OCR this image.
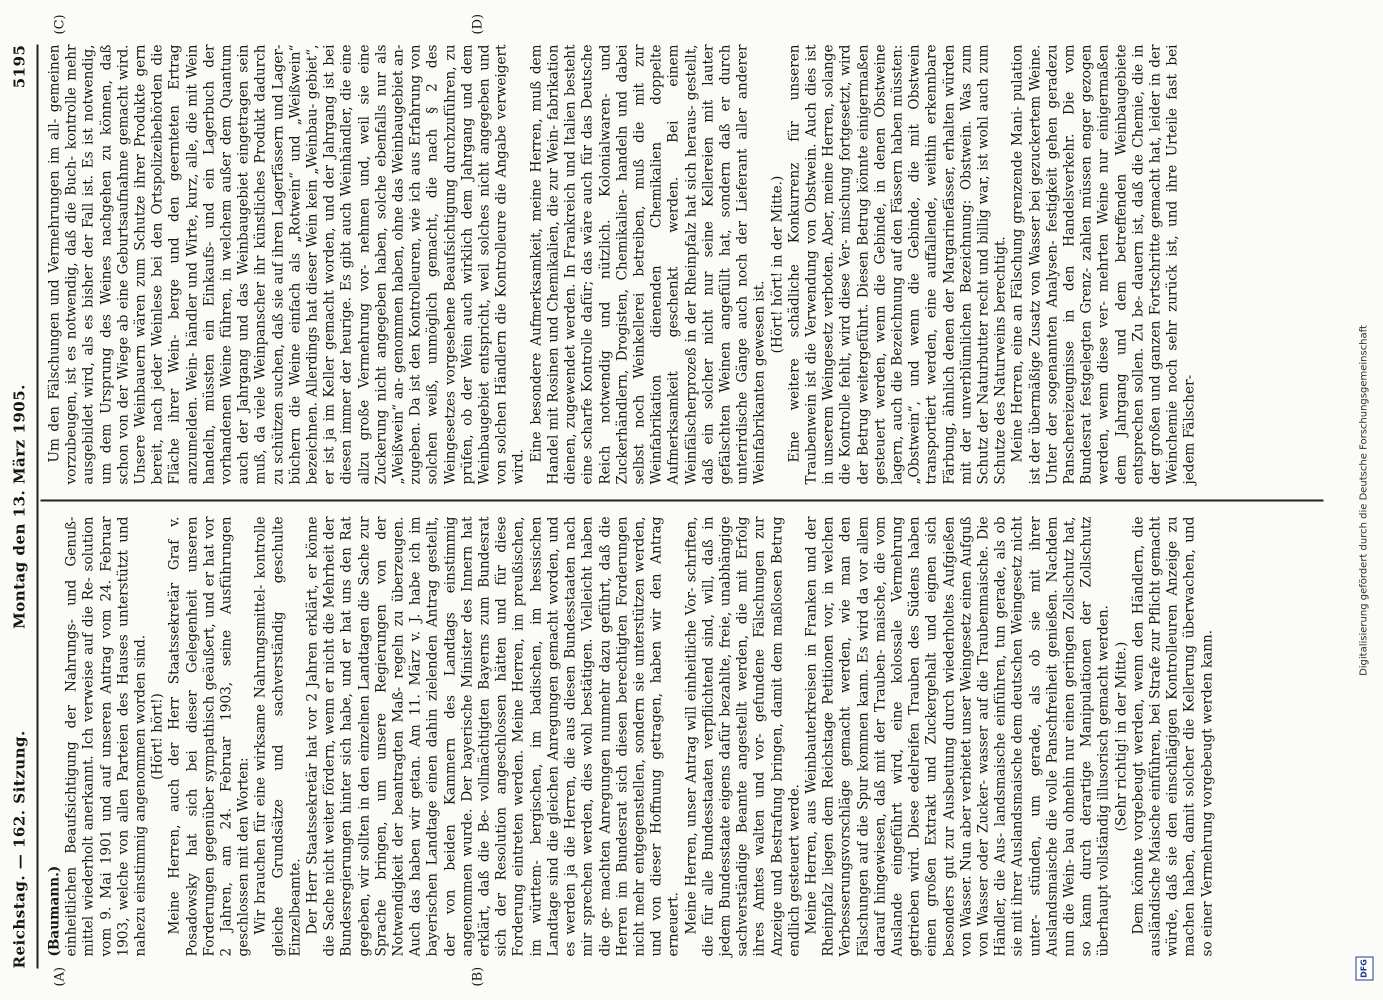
Reichstag. — 162. Sitzung.
Montag den 13. März 1905.
5195
(A)	(B)
(C)	(D)

(Baumann.) einheitlichen Beaufsichtigung der Nahrungs- und Genuß- mittel wiederholt anerkannt. Ich verweise auf die Re- solution vom 9. Mai 1901 und auf unseren Antrag vom 24. Februar 1903, welche von allen Parteien des Hauses unterstützt und nahezu einstimmig angenommen worden sind. (Hört! hört!) Meine Herren, auch der Herr Staatssekretär Graf v. Posadowsky hat sich bei dieser Gelegenheit unseren Forderungen gegenüber sympathisch geäußert, und er hat vor 2 Jahren, am 24. Februar 1903, seine Ausführungen geschlossen mit den Worten: Wir brauchen für eine wirksame Nahrungsmittel- kontrolle gleiche Grundsätze und sachverständig geschulte Einzelbeamte. Der Herr Staatssekretär hat vor 2 Jahren erklärt, er könne die Sache nicht weiter fördern, wenn er nicht die Mehrheit der Bundesregierungen hinter sich habe, und er hat uns den Rat gegeben, wir sollten in den einzelnen Landtagen die Sache zur Sprache bringen, um unsere Regierungen von der Notwendigkeit der beantragten Maß- regeln zu überzeugen. Auch das haben wir getan. Am 11. März v. J. habe ich im bayerischen Landtage einen dahin zielenden Antrag gestellt, der von beiden Kammern des Landtags einstimmig angenommen wurde. Der bayerische Minister des Innern hat erklärt, daß die Be- vollmächtigten Bayerns zum Bundesrat sich der Resolution angeschlossen hätten und für diese Forderung eintreten werden. Meine Herren, im preußischen, im württem- bergischen, im badischen, im hessischen Landtage sind die gleichen Anregungen gemacht worden, und es werden ja die Herren, die aus diesen Bundesstaaten nach mir sprechen werden, dies wohl bestätigen. Vielleicht haben die ge- machten Anregungen nunmehr dazu geführt, daß die Herren im Bundesrat sich diesen berechtigten Forderungen nicht mehr entgegenstellen, sondern sie unterstützen werden, und von dieser Hoffnung getragen, haben wir den Antrag erneuert. Meine Herren, unser Antrag will einheitliche Vor- schriften, die für alle Bundesstaaten verpflichtend sind, will, daß in jedem Bundesstaate eigens dafür bezahlte, freie, unabhängige sachverständige Beamte angestellt werden, die mit Erfolg ihres Amtes walten und vor- gefundene Fälschungen zur Anzeige und Bestrafung bringen, damit dem maßlosen Betrug endlich gesteuert werde. Meine Herren, aus Weinbauterkreisen in Franken und der Rheinpfalz liegen dem Reichstage Petitionen vor, in welchen Verbesserungsvorschläge gemacht werden, wie man den Fälschungen auf die Spur kommen kann. Es wird da vor allem darauf hingewiesen, daß mit der Trauben- maische, die vom Auslande eingeführt wird, eine kolossale Vermehrung getrieben wird. Diese edelreifen Trauben des Südens haben einen großen Extrakt und Zuckergehalt und eignen sich besonders gut zur Ausbeutung durch wiederholtes Aufgießen von Wasser. Nun aber verbietet unser Weingesetz einen Aufguß von Wasser oder Zucker- wasser auf die Traubenmaische. Die Händler, die Aus- landsmaische einführen, tun gerade, als ob sie mit ihrer Auslandsmaische dem deutschen Weingesetz nicht unter- stünden, um gerade, als ob sie mit ihrer Auslandsmaische die volle Panschfreiheit genießen. Nachdem nun die Wein- bau ohnehin nur einen geringen Zollschutz hat, so kann durch derartige Manipulationen der Zollschutz überhaupt vollständig illusorisch gemacht werden. (Sehr richtig! in der Mitte.) Dem könnte vorgebeugt werden, wenn den Händlern, die ausländische Maische einführen, bei Strafe zur Pflicht gemacht würde, daß sie den einschlägigen Kontrolleuren Anzeige zu machen haben, damit solcher die Kellerung überwachen, und so einer Vermehrung vorgebeugt werden kann.

Um den Fälschungen und Vermehrungen im all- gemeinen vorzubeugen, ist es notwendig, daß die Buch- kontrolle mehr ausgebildet wird, als es bisher der Fall ist. Es ist notwendig, um dem Ursprung des Weines nachgehen zu können, daß schon von der Wiege ab eine Geburtsaufnahme gemacht wird. Unsere Weinbauern wären zum Schutze ihrer Produkte gern bereit, nach jeder Weinlese bei den Ortspolizeibehörden die Fläche ihrer Wein- berge und den geernteten Ertrag anzumelden. Wein- händler und Wirte, kurz, alle, die mit Wein handeln, müssten ein Einkaufs- und ein Lagerbuch der vorhandenen Weine führen, in welchem außer dem Quantum auch der Jahrgang und das Weinbaugebiet eingetragen sein muß, da viele Weinpanscher ihr künstliches Produkt dadurch zu schützen suchen, daß sie auf ihren Lagerfässern und Lager- büchern die Weine einfach als „Rotwein“ und „Weißwein“ bezeichnen. Allerdings hat dieser Wein kein „Weinbau- gebiet“, er ist ja im Keller gemacht worden, und der Jahrgang ist bei diesen immer der heurige. Es gibt auch Weinhändler, die eine allzu große Vermehrung vor- nehmen und, weil sie eine Zuckerung nicht angegeben haben, solche ebenfalls nur als „Weißwein“ an- genommen haben, ohne das Weinbaugebiet an- zugeben. Da ist den Kontrolleuren, wie ich aus Erfahrung von solchen weiß, unmöglich gemacht, die nach § 2 des Weingesetzes vorgesehene Beaufsichtigung durchzuführen, zu prüfen, ob der Wein auch wirklich dem Jahrgang und dem Weinbaugebiet entspricht, weil solches nicht angegeben und von solchen Händlern die Kontrolleure die Angabe verweigert wird.

Eine besondere Aufmerksamkeit, meine Herren, muß dem Handel mit Rosinen und Chemikalien, die zur Wein- fabrikation dienen, zugewendet werden. In Frankreich und Italien besteht eine scharfe Kontrolle dafür; das wäre auch für das Deutsche Reich notwendig und nützlich. Kolonialwaren- und Zuckerhändlern, Drogisten, Chemikalien- handeln und dabei selbst noch Weinkellerei betreiben, muß die mit zur Weinfabrikation dienenden Chemikalien doppelte Aufmerksamkeit geschenkt werden. Bei einem Weinfälscherprozeß in der Rheinpfalz hat sich heraus- gestellt, daß ein solcher nicht nur seine Kellereien mit lauter gefälschten Weinen angefüllt hat, sondern daß er durch unterirdische Gänge auch noch der Lieferant aller anderer Weinfabrikanten gewesen ist.

(Hört! hört! in der Mitte.) Eine weitere schädliche Konkurrenz für unseren Traubenwein ist die Verwendung von Obstwein. Auch dies ist in unserem Weingesetz verboten. Aber, meine Herren, solange die Kontrolle fehlt, wird diese Ver- mischung fortgesetzt, wird der Betrug weitergeführt. Diesen Betrug könnte einigermaßen gesteuert werden, wenn die Gebinde, in denen Obstweine lagern, auch die Bezeichnung auf den Fässern haben müssten: „Obstwein“, und wenn die Gebinde, die mit Obstwein transportiert werden, eine auffallende, weithin erkennbare Färbung, ähnlich denen der Margarinefässer, erhalten würden mit der unverblümlichen Bezeichnung: Obstwein. Was zum Schutz der Naturbutter recht und billig war, ist wohl auch zum Schutze des Naturweins berechtigt. Meine Herren, eine an Fälschung grenzende Mani- pulation ist der übermäßige Zusatz von Wasser bei gezuckertem Weine. Unter der sogenannten Analysen- festigkeit gehen geradezu Panschereizeugnisse in den Handelsverkehr. Die vom Bundesrat festgelegten Grenz- zahlen müssen enger gezogen werden, wenn diese ver- mehrten Weine nur einigermaßen dem Jahrgang und dem betreffenden Weinbaugebiete entsprechen sollen. Zu be- dauern ist, daß die Chemie, die in der großen und ganzen Fortschritte gemacht hat, leider in der Weinchemie noch sehr zurück ist, und ihre Urteile fast bei jedem Fälscher-	Digitalisierung gefördert durch die Deutsche Forschungsgemeinschaft
DFG
